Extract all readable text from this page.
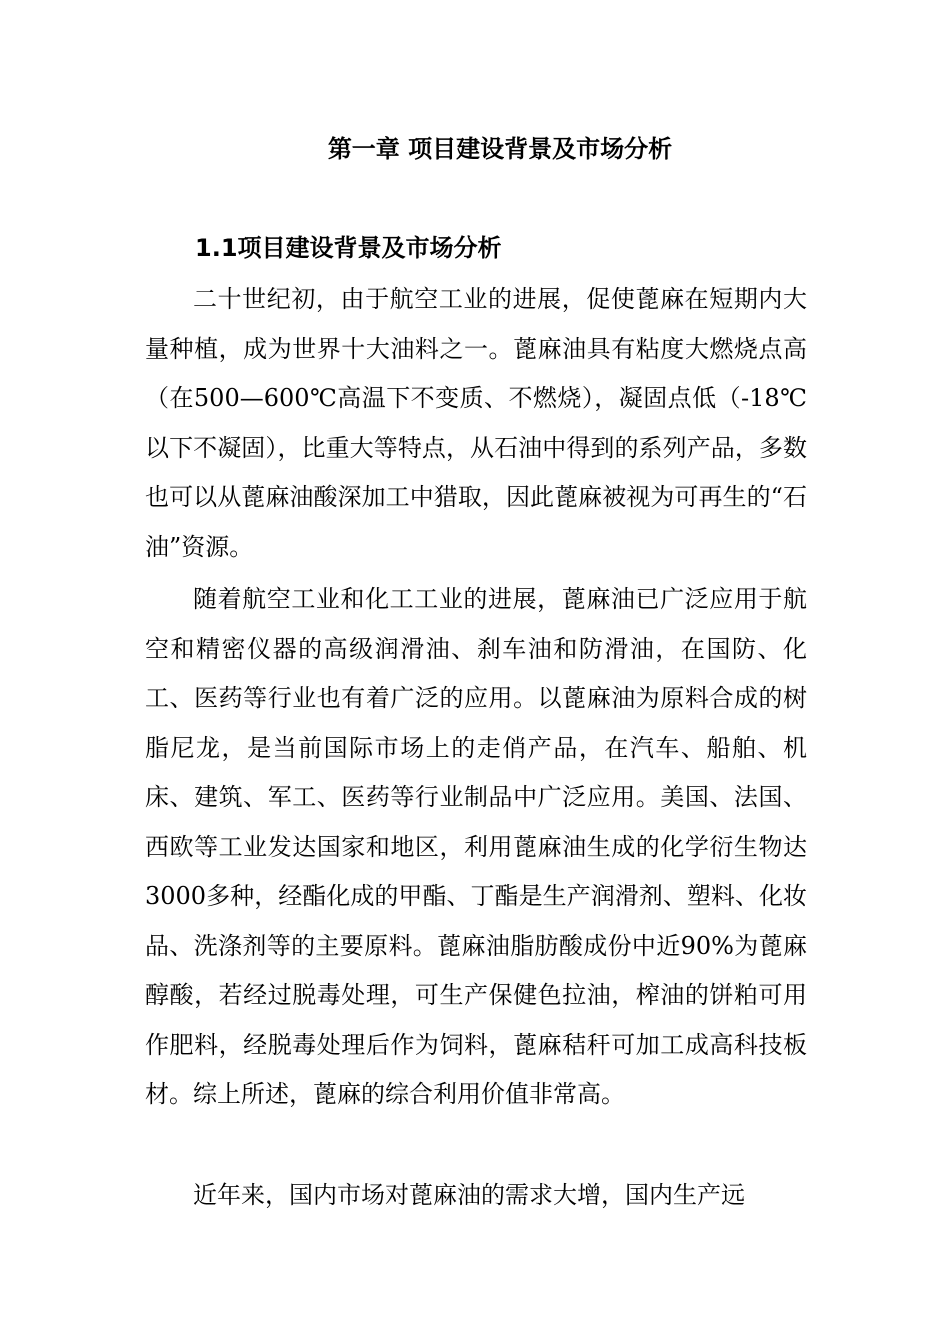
第一章 项目建设背景及市场分析
1.1项目建设背景及市场分析

二十世纪初，由于航空工业的进展，促使蓖麻在短期内大量种植，成为世界十大油料之一。蓖麻油具有粘度大燃烧点高（在500—600℃高温下不变质、不燃烧），凝固点低（-18℃以下不凝固），比重大等特点，从石油中得到的系列产品，多数也可以从蓖麻油酸深加工中猎取，因此蓖麻被视为可再生的“石油”资源。

随着航空工业和化工工业的进展，蓖麻油已广泛应用于航空和精密仪器的高级润滑油、刹车油和防滑油，在国防、化工、医药等行业也有着广泛的应用。以蓖麻油为原料合成的树脂尼龙，是当前国际市场上的走俏产品，在汽车、船舶、机床、建筑、军工、医药等行业制品中广泛应用。美国、法国、西欧等工业发达国家和地区，利用蓖麻油生成的化学衍生物达3000多种，经酯化成的甲酯、丁酯是生产润滑剂、塑料、化妆品、洗涤剂等的主要原料。蓖麻油脂肪酸成份中近90%为蓖麻醇酸，若经过脱毒处理，可生产保健色拉油，榨油的饼粕可用作肥料，经脱毒处理后作为饲料，蓖麻秸秆可加工成高科技板材。综上所述，蓖麻的综合利用价值非常高。

近年来，国内市场对蓖麻油的需求大增，国内生产远
